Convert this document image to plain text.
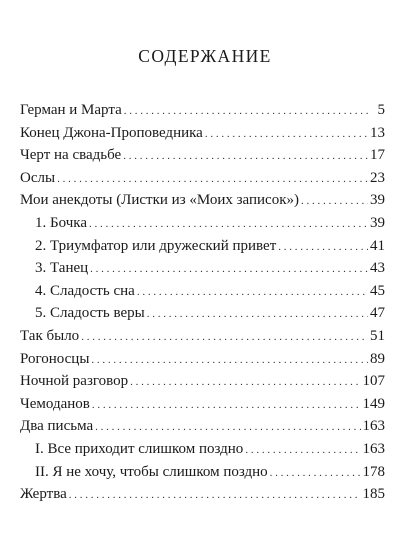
СОДЕРЖАНИЕ
Герман и Марта . . .	5
Конец Джона-Проповедника . . .	13
Черт на свадьбе . . .	17
Ослы . . .	23
Мои анекдоты (Листки из «Моих записок») . . .	39
1. Бочка . . .	39
2. Триумфатор или дружеский привет . . .	41
3. Танец . . .	43
4. Сладость сна . . .	45
5. Сладость веры . . .	47
Так было . . .	51
Рогоносцы . . .	89
Ночной разговор . . .	107
Чемоданов . . .	149
Два письма . . .	163
I. Все приходит слишком поздно . . .	163
II. Я не хочу, чтобы слишком поздно . . .	178
Жертва . . .	185
